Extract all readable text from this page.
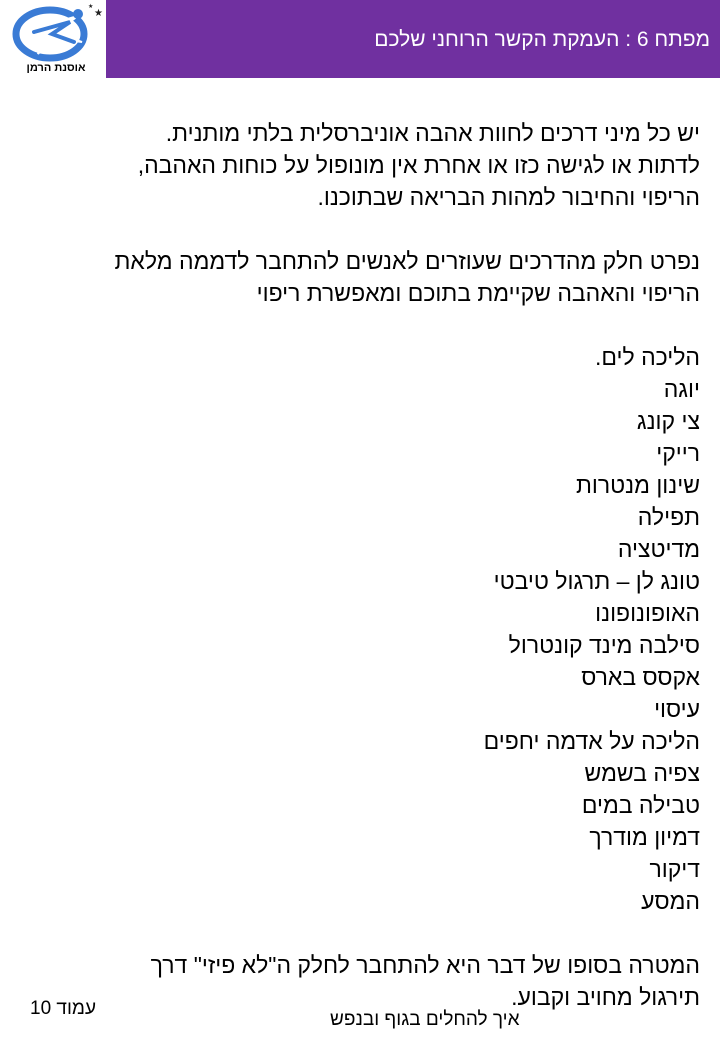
מפתח 6 : העמקת הקשר הרוחני שלכם
★
★
אוסנת הרמן

יש כל מיני דרכים לחוות אהבה אוניברסלית בלתי מותנית.

לדתות או לגישה כזו או אחרת אין מונופול על כוחות האהבה,

הריפוי והחיבור למהות הבריאה שבתוכנו.

נפרט חלק מהדרכים שעוזרים לאנשים להתחבר לדממה מלאת

הריפוי והאהבה שקיימת בתוכם ומאפשרת ריפוי

הליכה לים.
יוגה
צי קונג
רייקי
שינון מנטרות
תפילה
מדיטציה
טונג לן – תרגול טיבטי
האופונופונו
סילבה מינד קונטרול
אקסס בארס
עיסוי
הליכה על אדמה יחפים
צפיה בשמש
טבילה במים
דמיון מודרך
דיקור
המסע

המטרה בסופו של דבר היא להתחבר לחלק ה"לא פיזי" דרך

תירגול מחויב וקבוע.

עמוד 10
איך להחלים בגוף ובנפש
